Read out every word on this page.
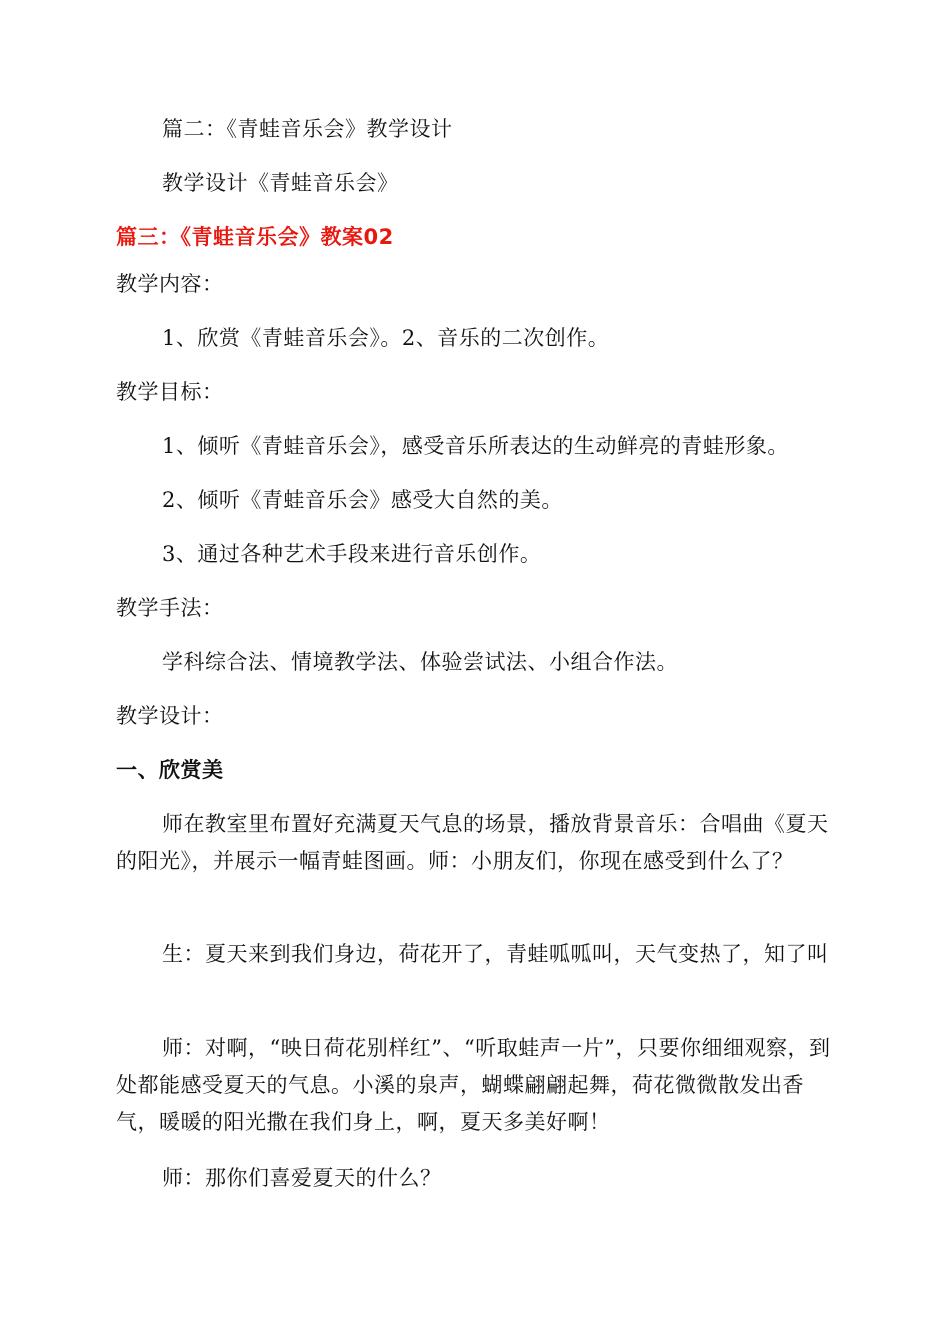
篇二：《青蛙音乐会》教学设计
教学设计《青蛙音乐会》
篇三：《青蛙音乐会》教案02
教学内容：
1、欣赏《青蛙音乐会》。2、音乐的二次创作。
教学目标：
1、倾听《青蛙音乐会》，感受音乐所表达的生动鲜亮的青蛙形象。
2、倾听《青蛙音乐会》感受大自然的美。
3、通过各种艺术手段来进行音乐创作。
教学手法：
学科综合法、情境教学法、体验尝试法、小组合作法。
教学设计：
一、欣赏美
师在教室里布置好充满夏天气息的场景，播放背景音乐：合唱曲《夏天的阳光》，并展示一幅青蛙图画。师：小朋友们，你现在感受到什么了？
生：夏天来到我们身边，荷花开了，青蛙呱呱叫，天气变热了，知了叫
师：对啊，“映日荷花别样红”、“听取蛙声一片”，只要你细细观察，到处都能感受夏天的气息。小溪的泉声，蝴蝶翩翩起舞，荷花微微散发出香气，暖暖的阳光撒在我们身上，啊，夏天多美好啊！
师：那你们喜爱夏天的什么？
